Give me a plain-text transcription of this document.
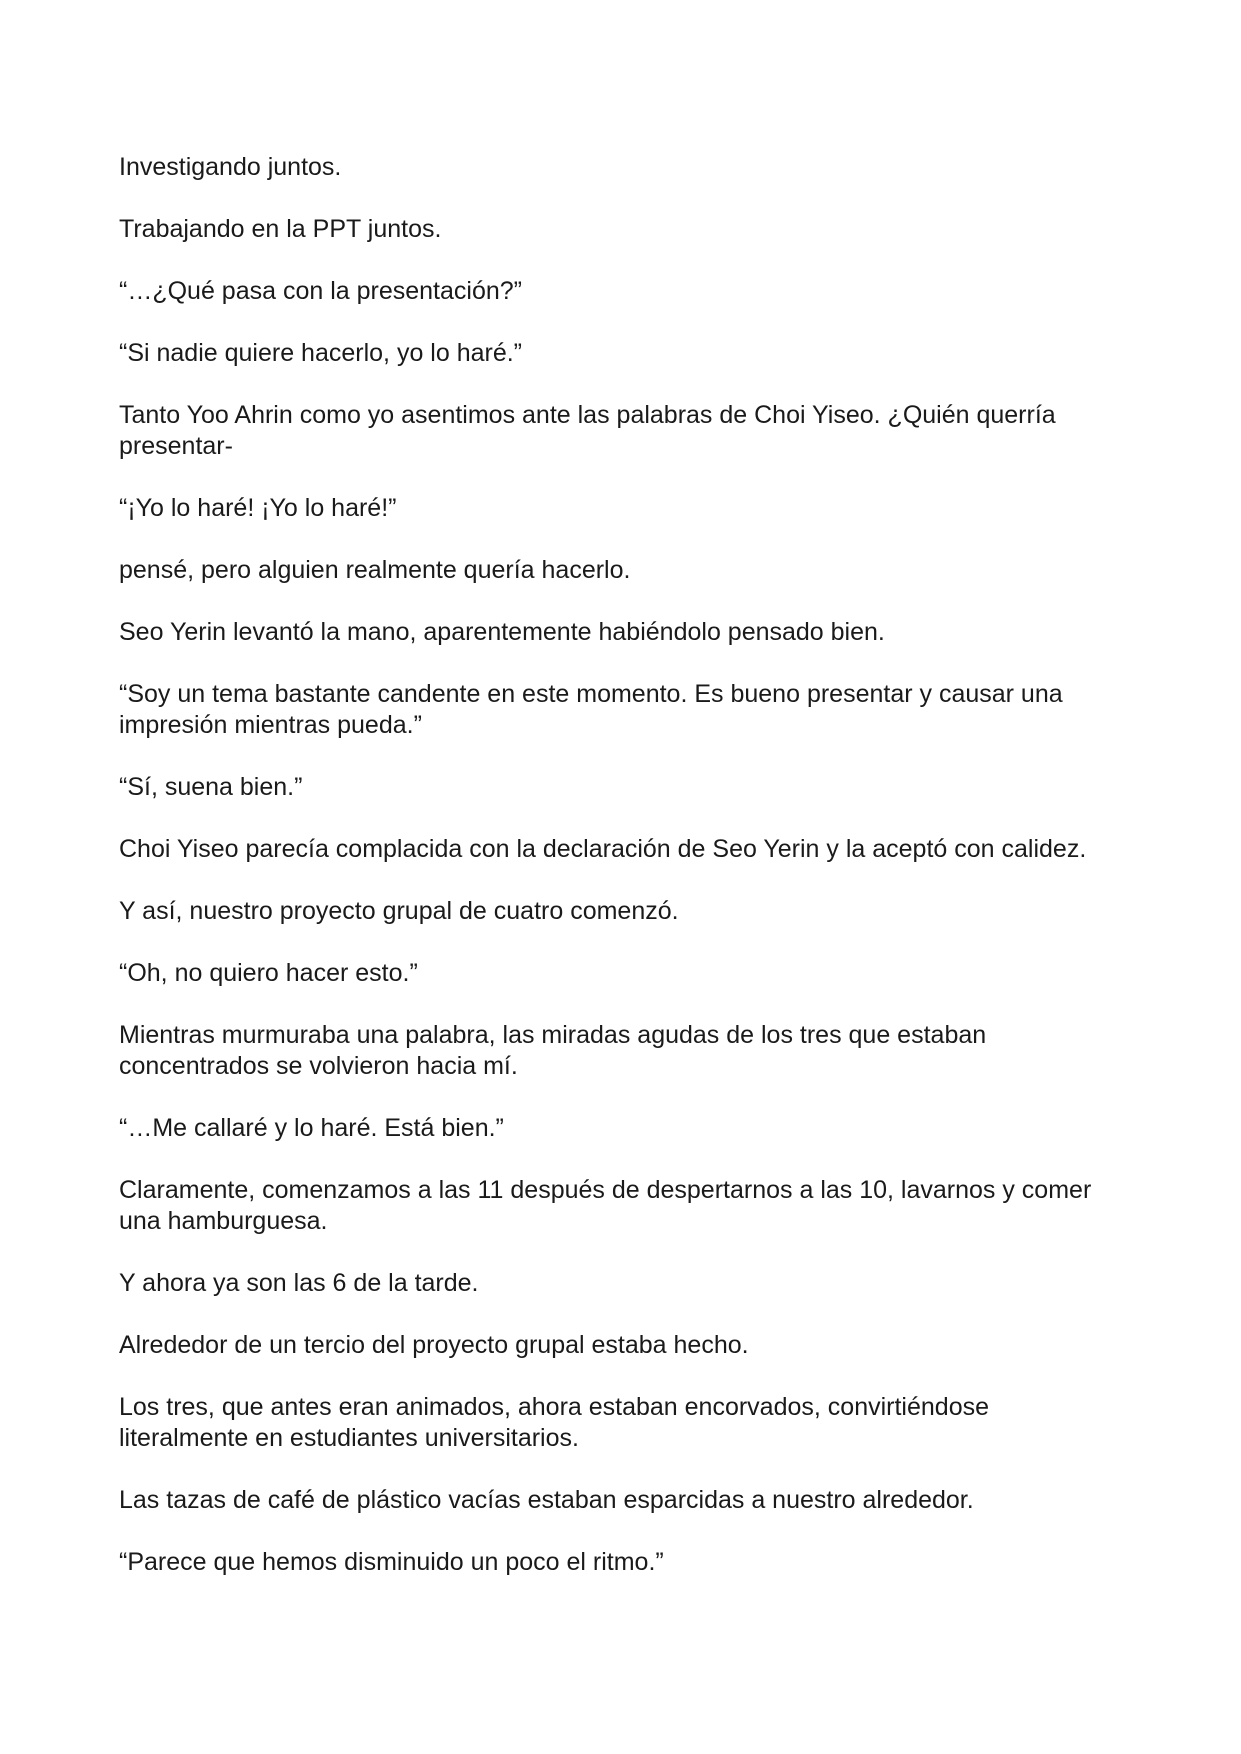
Investigando juntos.

Trabajando en la PPT juntos.

“…¿Qué pasa con la presentación?”

“Si nadie quiere hacerlo, yo lo haré.”

Tanto Yoo Ahrin como yo asentimos ante las palabras de Choi Yiseo. ¿Quién querría presentar-

“¡Yo lo haré! ¡Yo lo haré!”

pensé, pero alguien realmente quería hacerlo.

Seo Yerin levantó la mano, aparentemente habiéndolo pensado bien.

“Soy un tema bastante candente en este momento. Es bueno presentar y causar una impresión mientras pueda.”

“Sí, suena bien.”

Choi Yiseo parecía complacida con la declaración de Seo Yerin y la aceptó con calidez.

Y así, nuestro proyecto grupal de cuatro comenzó.

“Oh, no quiero hacer esto.”

Mientras murmuraba una palabra, las miradas agudas de los tres que estaban concentrados se volvieron hacia mí.

“…Me callaré y lo haré. Está bien.”

Claramente, comenzamos a las 11 después de despertarnos a las 10, lavarnos y comer una hamburguesa.

Y ahora ya son las 6 de la tarde.

Alrededor de un tercio del proyecto grupal estaba hecho.

Los tres, que antes eran animados, ahora estaban encorvados, convirtiéndose literalmente en estudiantes universitarios.

Las tazas de café de plástico vacías estaban esparcidas a nuestro alrededor.

“Parece que hemos disminuido un poco el ritmo.”
